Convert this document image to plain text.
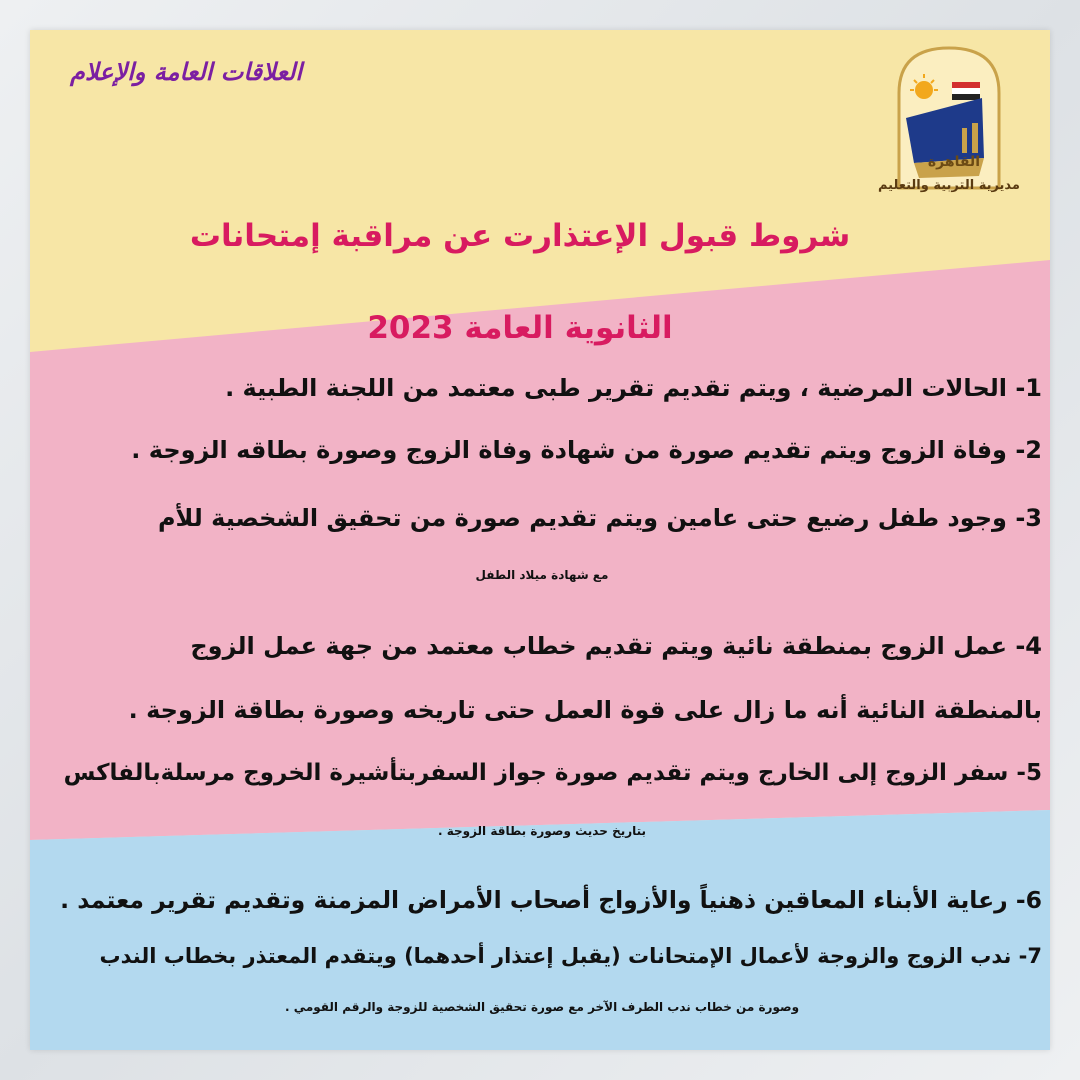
العلاقات العامة والإعلام
القاهرة
مديرية التربية والتعليم
شروط قبول الإعتذارت عن مراقبة إمتحانات
الثانوية العامة 2023
1- الحالات المرضية ، ويتم تقديم تقرير طبى معتمد من اللجنة الطبية .
2- وفاة الزوج ويتم تقديم صورة من شهادة وفاة الزوج وصورة بطاقه الزوجة .
3- وجود طفل رضيع حتى عامين ويتم تقديم صورة من تحقيق الشخصية للأم
مع شهادة ميلاد الطفل
4- عمل الزوج بمنطقة نائية ويتم تقديم خطاب معتمد من جهة عمل الزوج
بالمنطقة النائية أنه ما زال على قوة العمل حتى تاريخه وصورة بطاقة الزوجة .
5- سفر الزوج إلى الخارج ويتم تقديم صورة جواز السفربتأشيرة الخروج مرسلةبالفاكس
بتاريخ حديث وصورة بطاقة الزوجة .
6- رعاية الأبناء المعاقين ذهنياً والأزواج أصحاب الأمراض المزمنة وتقديم تقرير معتمد .
7- ندب الزوج والزوجة لأعمال الإمتحانات (يقبل إعتذار أحدهما) ويتقدم المعتذر بخطاب الندب
وصورة من خطاب ندب الطرف الآخر مع صورة تحقيق الشخصية للزوجة والرقم القومي .
